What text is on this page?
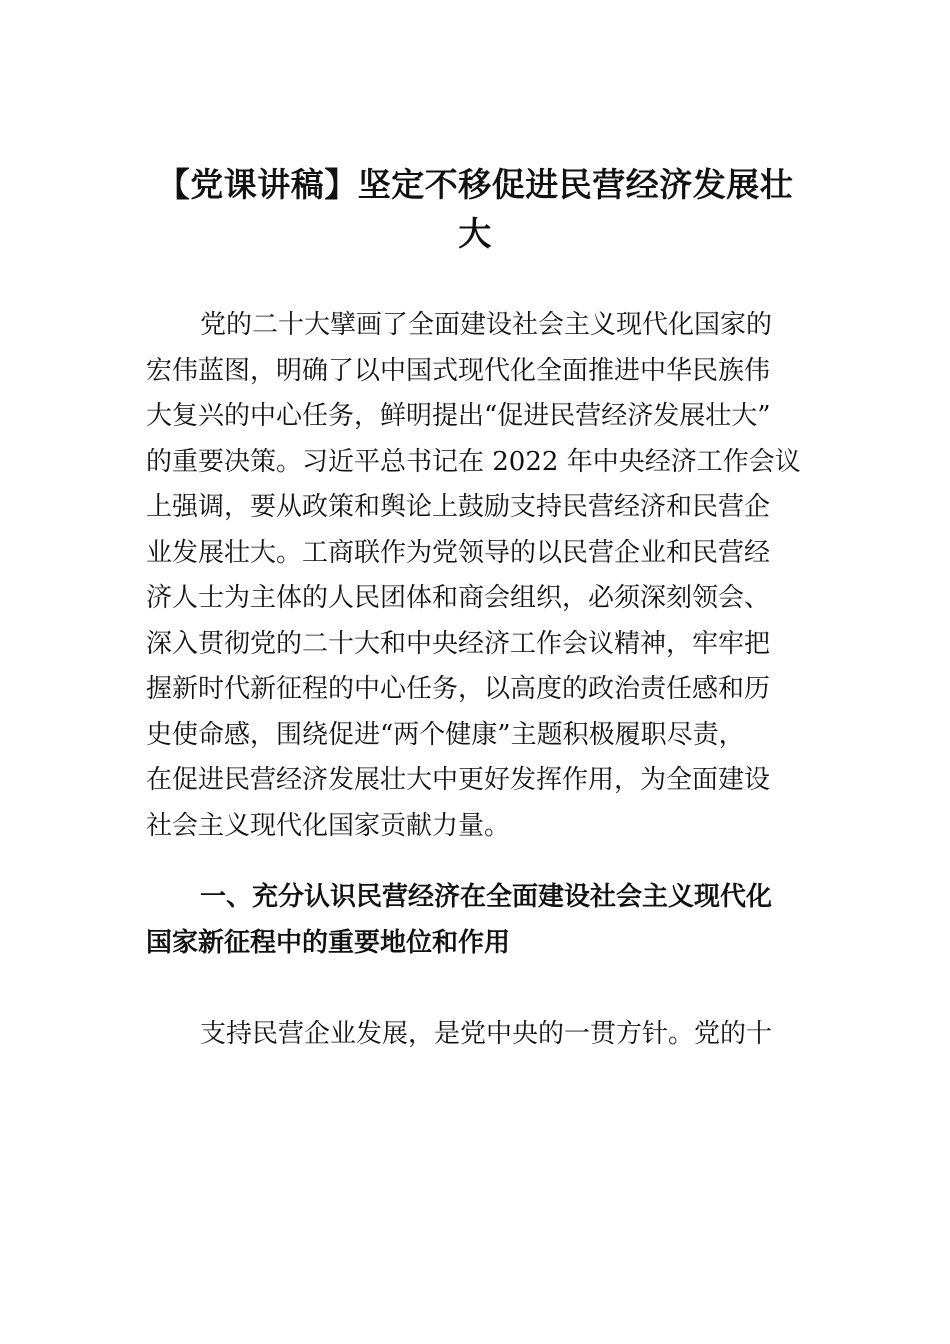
【党课讲稿】坚定不移促进民营经济发展壮
大

党的二十大擘画了全面建设社会主义现代化国家的
宏伟蓝图，明确了以中国式现代化全面推进中华民族伟
大复兴的中心任务，鲜明提出“促进民营经济发展壮大”
的重要决策。习近平总书记在 2022 年中央经济工作会议
上强调，要从政策和舆论上鼓励支持民营经济和民营企
业发展壮大。工商联作为党领导的以民营企业和民营经
济人士为主体的人民团体和商会组织，必须深刻领会、
深入贯彻党的二十大和中央经济工作会议精神，牢牢把
握新时代新征程的中心任务，以高度的政治责任感和历
史使命感，围绕促进“两个健康”主题积极履职尽责，
在促进民营经济发展壮大中更好发挥作用，为全面建设
社会主义现代化国家贡献力量。

一、充分认识民营经济在全面建设社会主义现代化
国家新征程中的重要地位和作用

支持民营企业发展，是党中央的一贯方针。党的十
